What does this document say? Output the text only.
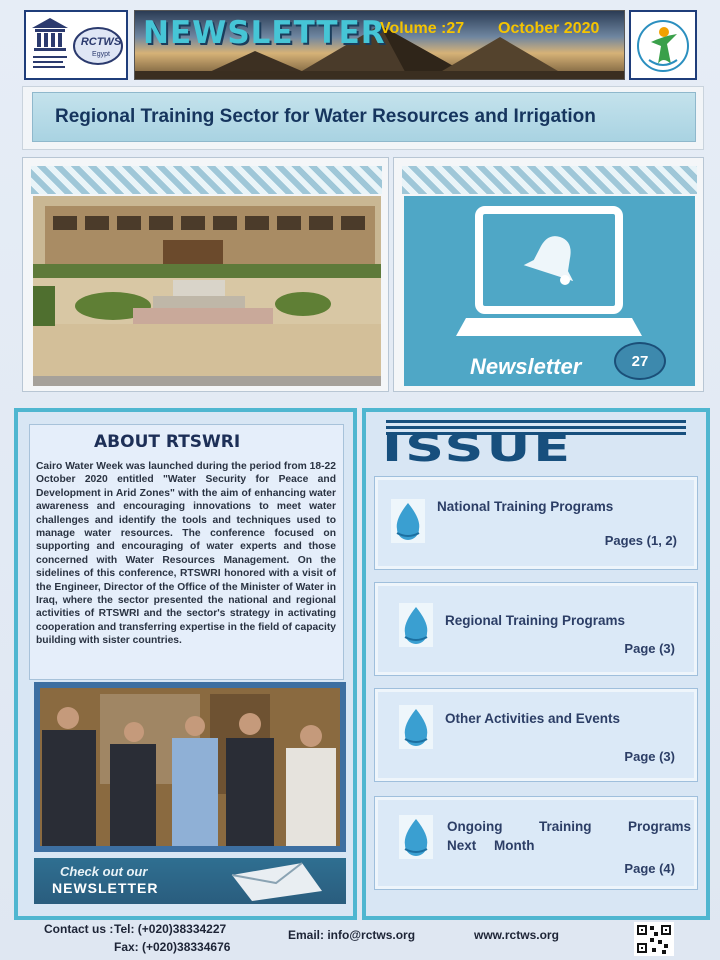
RCTWS
Egypt
NEWSLETTER
Volume :27 October 2020
Regional Training Sector for Water Resources and Irrigation
Newsletter	27
ABOUT RTSWRI
Cairo Water Week was launched during the period from 18-22 October 2020 entitled "Water Security for Peace and Development in Arid Zones" with the aim of enhancing water awareness and encouraging innovations to meet water challenges and identify the tools and techniques used to manage water resources. The conference focused on supporting and encouraging of water experts and those concerned with Water Resources Management. On the sidelines of this conference, RTSWRI honored with a visit of the Engineer, Director of the Office of the Minister of Water in Iraq, where the sector presented the national and regional activities of RTSWRI and the sector's strategy in activating cooperation and transferring expertise in the field of capacity building with sister countries.
Check out our
NEWSLETTER
ISSUE
National Training Programs
Pages (1, 2)
Regional Training Programs
Page (3)
Other Activities and Events
Page (3)
Ongoing Training Programs Next Month
Page (4)
Contact us : Tel: (+020)38334227
Fax: (+020)38334676
Email: info@rctws.org	www.rctws.org
